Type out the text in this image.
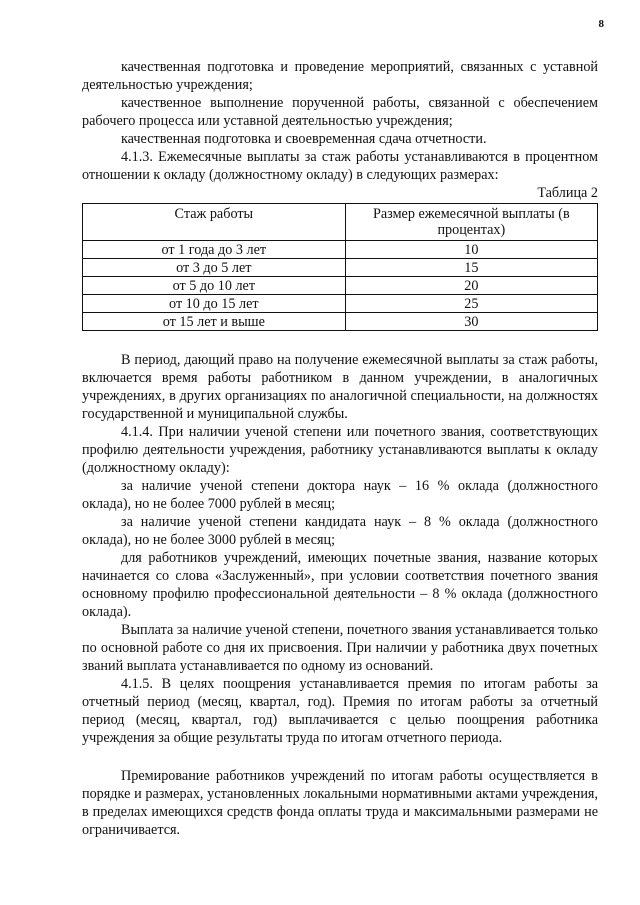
8

качественная подготовка и проведение мероприятий, связанных с уставной деятельностью учреждения;

качественное выполнение порученной работы, связанной с обеспечением рабочего процесса или уставной деятельностью учреждения;

качественная подготовка и своевременная сдача отчетности.

4.1.3. Ежемесячные выплаты за стаж работы устанавливаются в процентном отношении к окладу (должностному окладу) в следующих размерах:

Таблица 2

Стаж работы	Размер ежемесячной выплаты (в процентах)
от 1 года до 3 лет	10
от 3 до 5 лет	15
от 5 до 10 лет	20
от 10 до 15 лет	25
от 15 лет и выше	30

В период, дающий право на получение ежемесячной выплаты за стаж работы, включается время работы работником в данном учреждении, в аналогичных учреждениях, в других организациях по аналогичной специальности, на должностях государственной и муниципальной службы.

4.1.4. При наличии ученой степени или почетного звания, соответствующих профилю деятельности учреждения, работнику устанавливаются выплаты к окладу (должностному окладу):

за наличие ученой степени доктора наук – 16 % оклада (должностного оклада), но не более 7000 рублей в месяц;

за наличие ученой степени кандидата наук – 8 % оклада (должностного оклада), но не более 3000 рублей в месяц;

для работников учреждений, имеющих почетные звания, название которых начинается со слова «Заслуженный», при условии соответствия почетного звания основному профилю профессиональной деятельности – 8 % оклада (должностного оклада).

Выплата за наличие ученой степени, почетного звания устанавливается только по основной работе со дня их присвоения. При наличии у работника двух почетных званий выплата устанавливается по одному из оснований.

4.1.5. В целях поощрения устанавливается премия по итогам работы за отчетный период (месяц, квартал, год). Премия по итогам работы за отчетный период (месяц, квартал, год) выплачивается с целью поощрения работника учреждения за общие результаты труда по итогам отчетного периода.

Премирование работников учреждений по итогам работы осуществляется в порядке и размерах, установленных локальными нормативными актами учреждения, в пределах имеющихся средств фонда оплаты труда и максимальными размерами не ограничивается.
